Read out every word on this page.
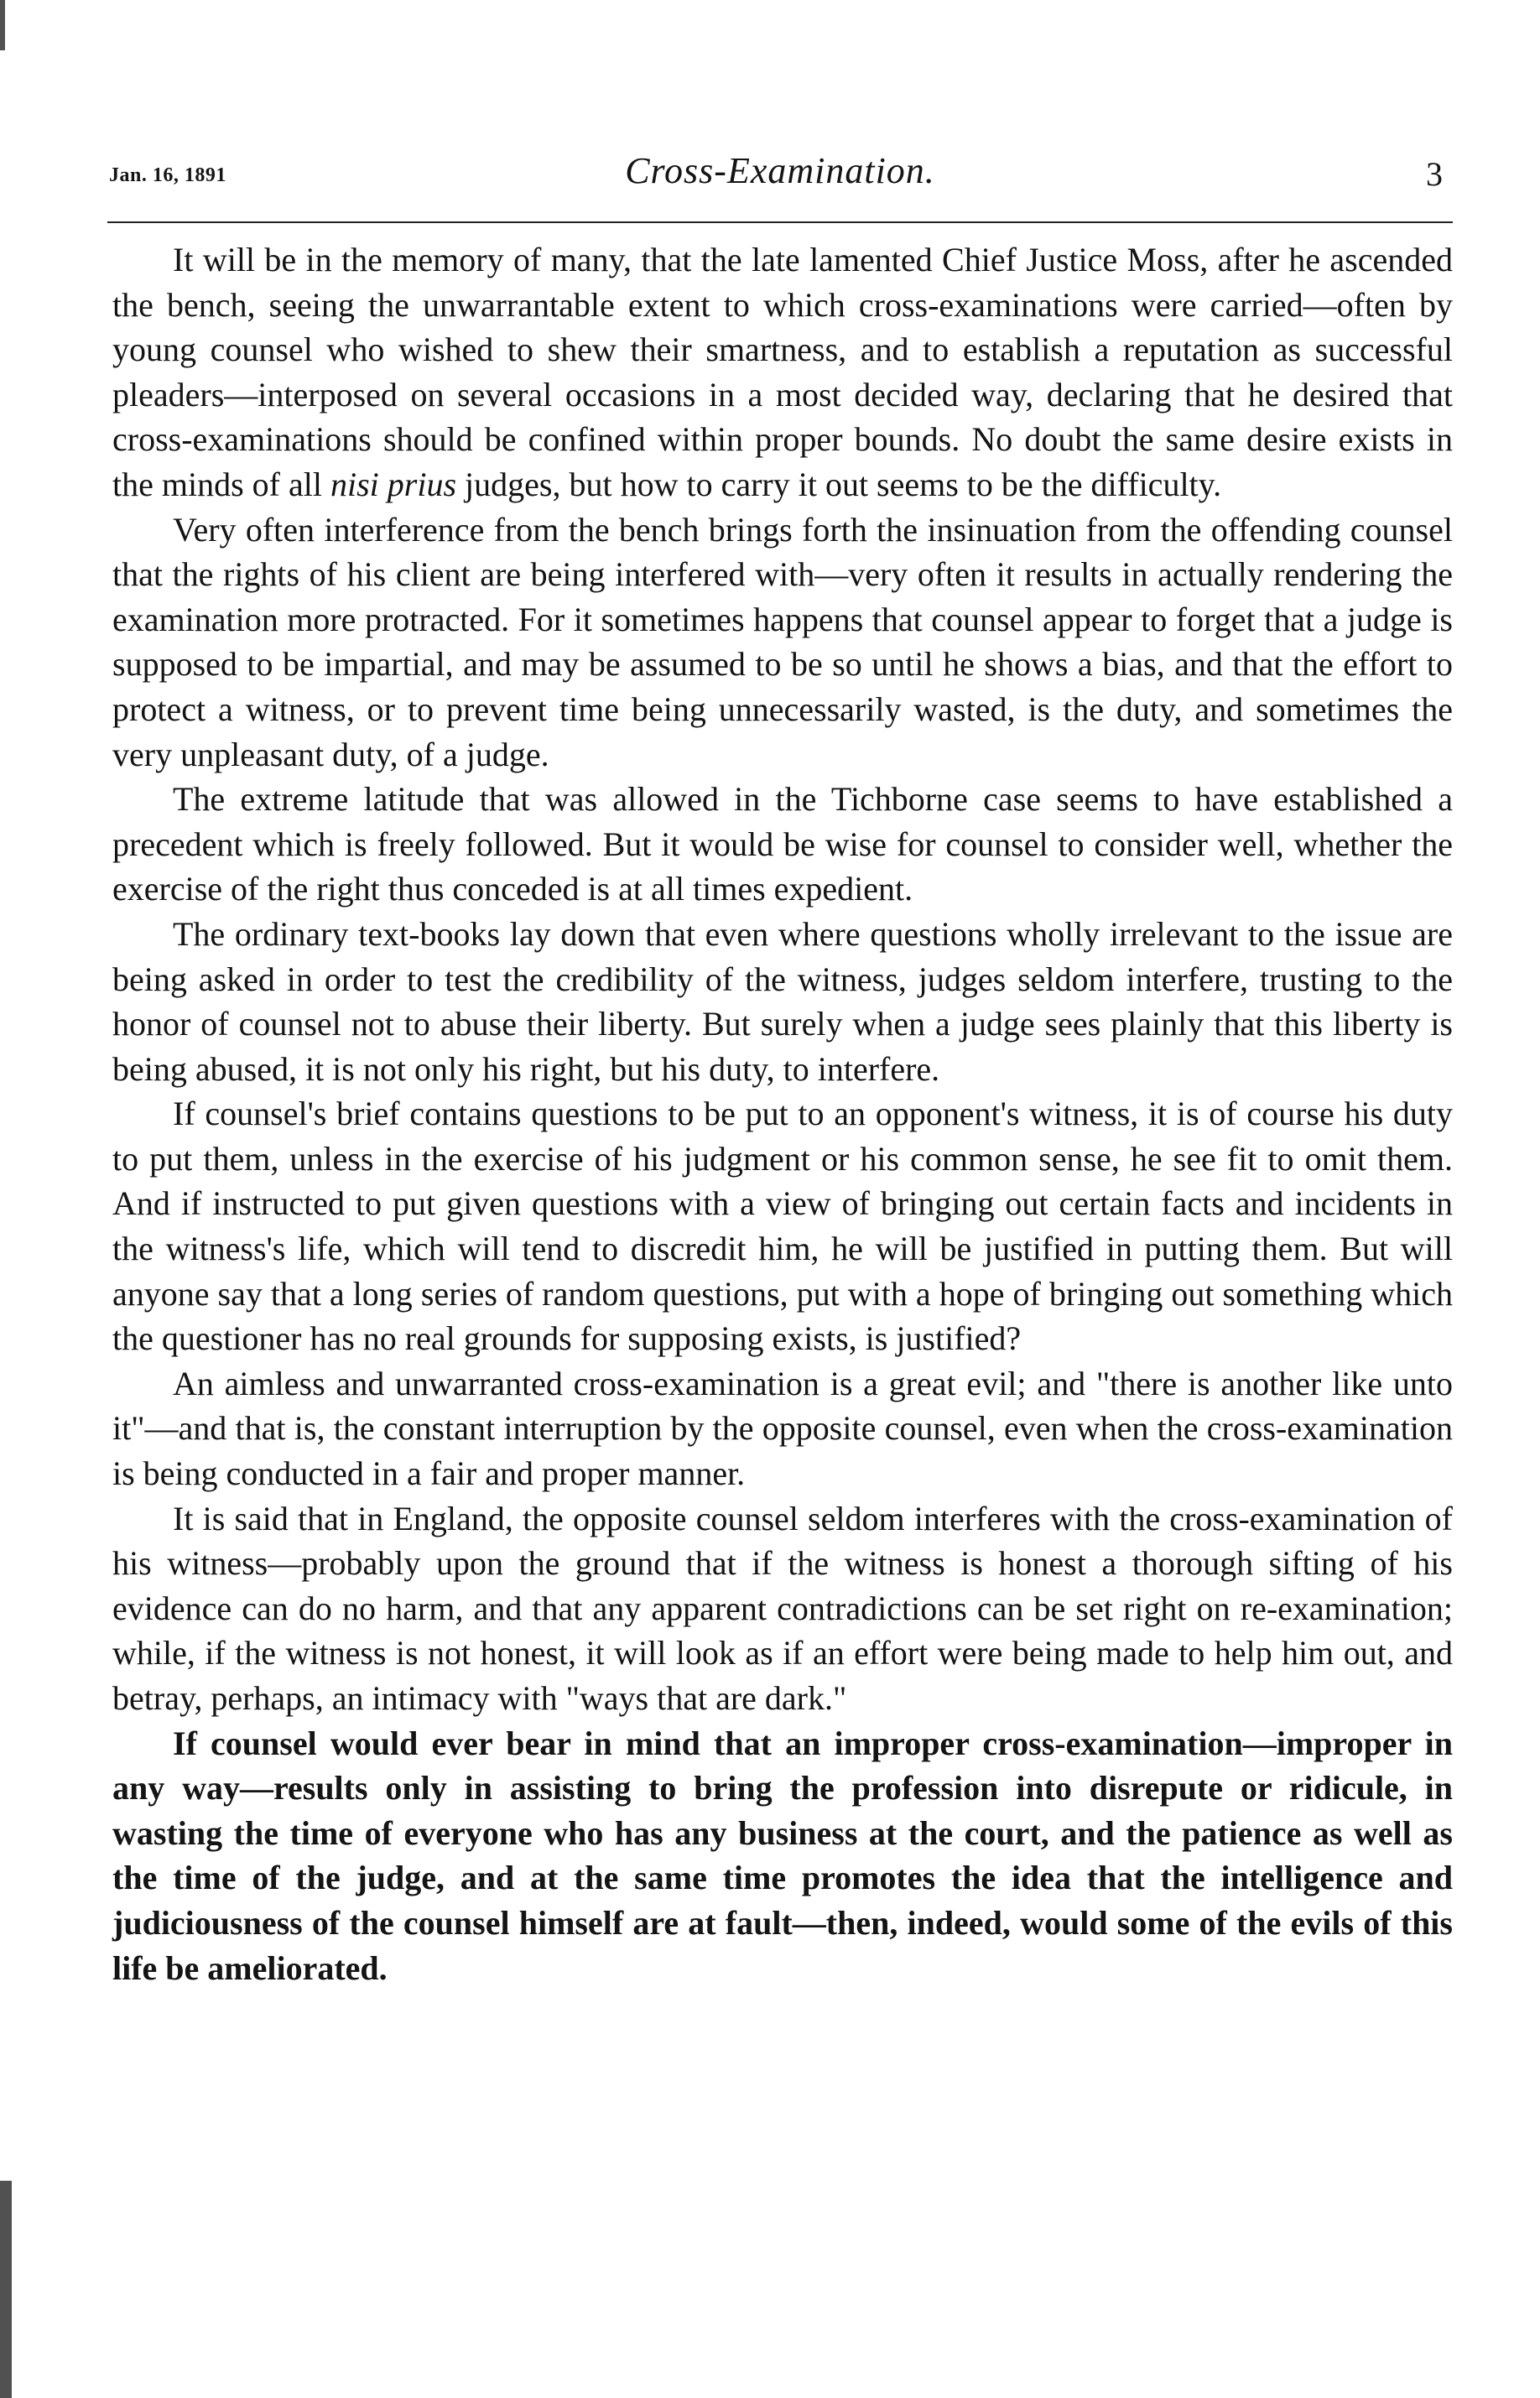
Jan. 16, 1891	Cross-Examination.	3

It will be in the memory of many, that the late lamented Chief Justice Moss, after he ascended the bench, seeing the unwarrantable extent to which cross-examinations were carried—often by young counsel who wished to shew their smartness, and to establish a reputation as successful pleaders—interposed on several occasions in a most decided way, declaring that he desired that cross-examinations should be confined within proper bounds. No doubt the same desire exists in the minds of all nisi prius judges, but how to carry it out seems to be the difficulty.

Very often interference from the bench brings forth the insinuation from the offending counsel that the rights of his client are being interfered with—very often it results in actually rendering the examination more protracted. For it sometimes happens that counsel appear to forget that a judge is supposed to be impartial, and may be assumed to be so until he shows a bias, and that the effort to protect a witness, or to prevent time being unnecessarily wasted, is the duty, and sometimes the very unpleasant duty, of a judge.

The extreme latitude that was allowed in the Tichborne case seems to have established a precedent which is freely followed. But it would be wise for counsel to consider well, whether the exercise of the right thus conceded is at all times expedient.

The ordinary text-books lay down that even where questions wholly irrelevant to the issue are being asked in order to test the credibility of the witness, judges seldom interfere, trusting to the honor of counsel not to abuse their liberty. But surely when a judge sees plainly that this liberty is being abused, it is not only his right, but his duty, to interfere.

If counsel's brief contains questions to be put to an opponent's witness, it is of course his duty to put them, unless in the exercise of his judgment or his common sense, he see fit to omit them. And if instructed to put given questions with a view of bringing out certain facts and incidents in the witness's life, which will tend to discredit him, he will be justified in putting them. But will anyone say that a long series of random questions, put with a hope of bringing out something which the questioner has no real grounds for supposing exists, is justified?

An aimless and unwarranted cross-examination is a great evil; and "there is another like unto it"—and that is, the constant interruption by the opposite counsel, even when the cross-examination is being conducted in a fair and proper manner.

It is said that in England, the opposite counsel seldom interferes with the cross-examination of his witness—probably upon the ground that if the witness is honest a thorough sifting of his evidence can do no harm, and that any apparent contradictions can be set right on re-examination; while, if the witness is not honest, it will look as if an effort were being made to help him out, and betray, perhaps, an intimacy with "ways that are dark."

If counsel would ever bear in mind that an improper cross-examination—improper in any way—results only in assisting to bring the profession into disrepute or ridicule, in wasting the time of everyone who has any business at the court, and the patience as well as the time of the judge, and at the same time promotes the idea that the intelligence and judiciousness of the counsel himself are at fault—then, indeed, would some of the evils of this life be ameliorated.
